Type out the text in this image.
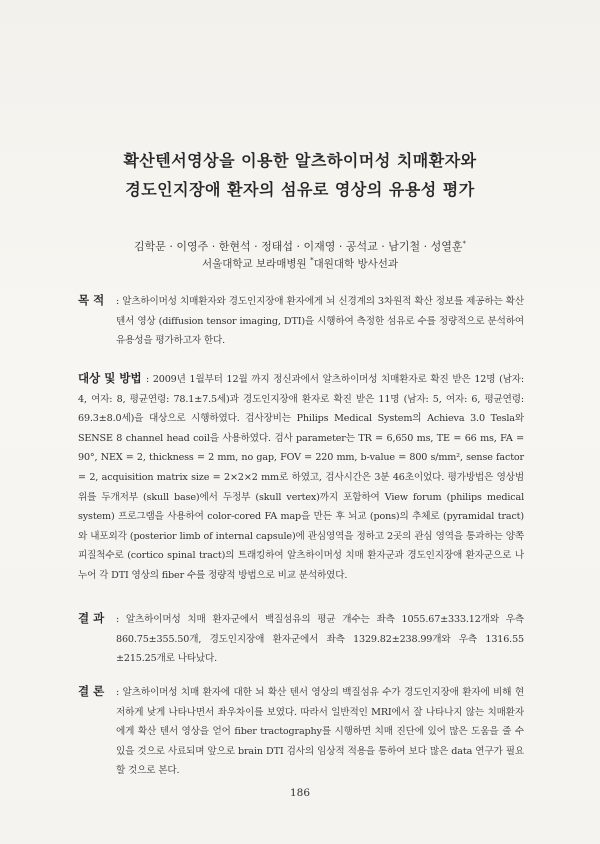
확산텐서영상을 이용한 알츠하이머성 치매환자와
경도인지장애 환자의 섬유로 영상의 유용성 평가
김학문 · 이영주 · 한현석 · 정태섭 · 이재영 · 공석교 · 남기철 · 성열훈*
서울대학교 보라매병원 *대원대학 방사선과
목 적	: 알츠하이머성 치매환자와 경도인지장애 환자에게 뇌 신경계의 3차원적 확산 정보를 제공하는 확산텐서 영상 (diffusion tensor imaging, DTI)을 시행하여 측정한 섬유로 수를 정량적으로 분석하여 유용성을 평가하고자 한다.
대상 및 방법 : 2009년 1월부터 12월 까지 정신과에서 알츠하이머성 치매환자로 확진 받은 12명 (남자: 4, 여자: 8, 평균연령: 78.1±7.5세)과 경도인지장애 환자로 확진 받은 11명 (남자: 5, 여자: 6, 평균연령: 69.3±8.0세)을 대상으로 시행하였다. 검사장비는 Philips Medical System의 Achieva 3.0 Tesla와 SENSE 8 channel head coil을 사용하였다. 검사 parameter는 TR = 6,650 ms, TE = 66 ms, FA = 90°, NEX = 2, thickness = 2 mm, no gap, FOV = 220 mm, b-value = 800 s/mm², sense factor = 2, acquisition matrix size = 2×2×2 mm로 하였고, 검사시간은 3분 46초이었다. 평가방법은 영상범위를 두개저부 (skull base)에서 두정부 (skull vertex)까지 포함하여 View forum (philips medical system) 프로그램을 사용하여 color-cored FA map을 만든 후 뇌교 (pons)의 추체로 (pyramidal tract)와 내포외각 (posterior limb of internal capsule)에 관심영역을 정하고 2곳의 관심 영역을 통과하는 양쪽 피질척수로 (cortico spinal tract)의 트래킹하여 알츠하이머성 치매 환자군과 경도인지장애 환자군으로 나누어 각 DTI 영상의 fiber 수를 정량적 방법으로 비교 분석하였다.
결 과	: 알츠하이머성 치매 환자군에서 백질섬유의 평균 개수는 좌측 1055.67±333.12개와 우측 860.75±355.50개, 경도인지장애 환자군에서 좌측 1329.82±238.99개와 우측 1316.55 ±215.25개로 나타났다.
결 론	: 알츠하이머성 치매 환자에 대한 뇌 확산 텐서 영상의 백질섬유 수가 경도인지장애 환자에 비해 현저하게 낮게 나타나면서 좌우차이를 보였다. 따라서 일반적인 MRI에서 잘 나타나지 않는 치매환자에게 확산 텐서 영상을 얻어 fiber tractography를 시행하면 치매 진단에 있어 많은 도움을 줄 수 있을 것으로 사료되며 앞으로 brain DTI 검사의 임상적 적용을 통하여 보다 많은 data 연구가 필요할 것으로 본다.
186
